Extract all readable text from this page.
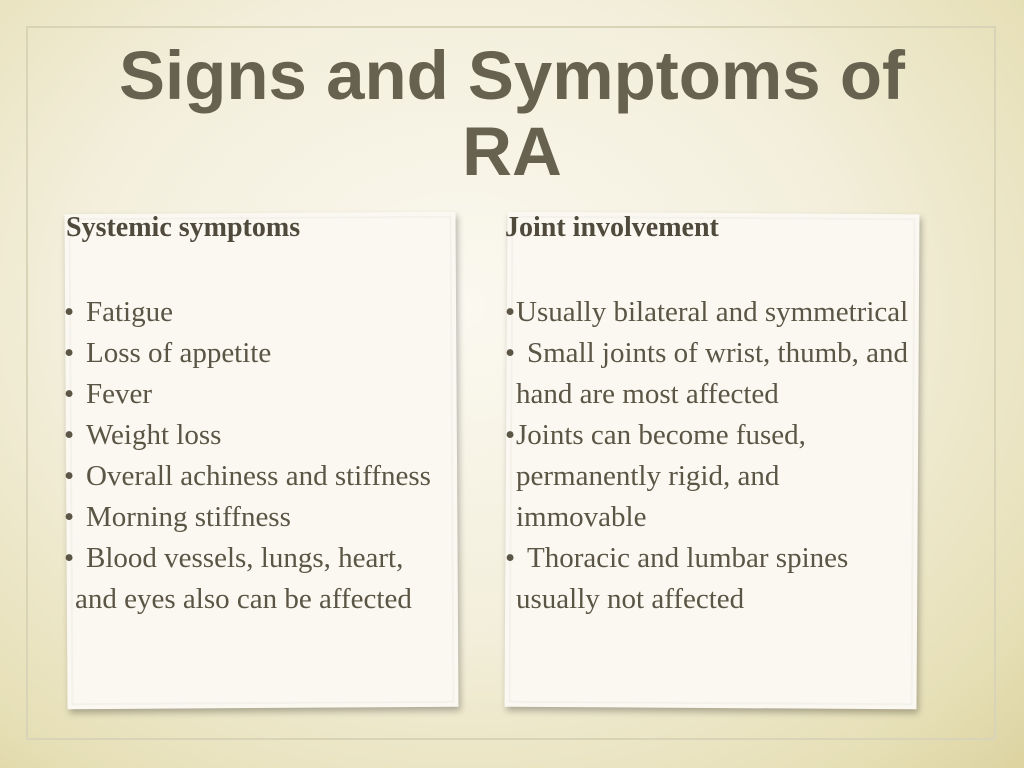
Signs and Symptoms of
RA
Systemic symptoms	Joint involvement
• Fatigue
• Loss of appetite
• Fever
• Weight loss
• Overall achiness and stiffness
• Morning stiffness
• Blood vessels, lungs, heart, and eyes also can be affected
•Usually bilateral and symmetrical
• Small joints of wrist, thumb, and hand are most affected
•Joints can become fused, permanently rigid, and immovable
• Thoracic and lumbar spines usually not affected
